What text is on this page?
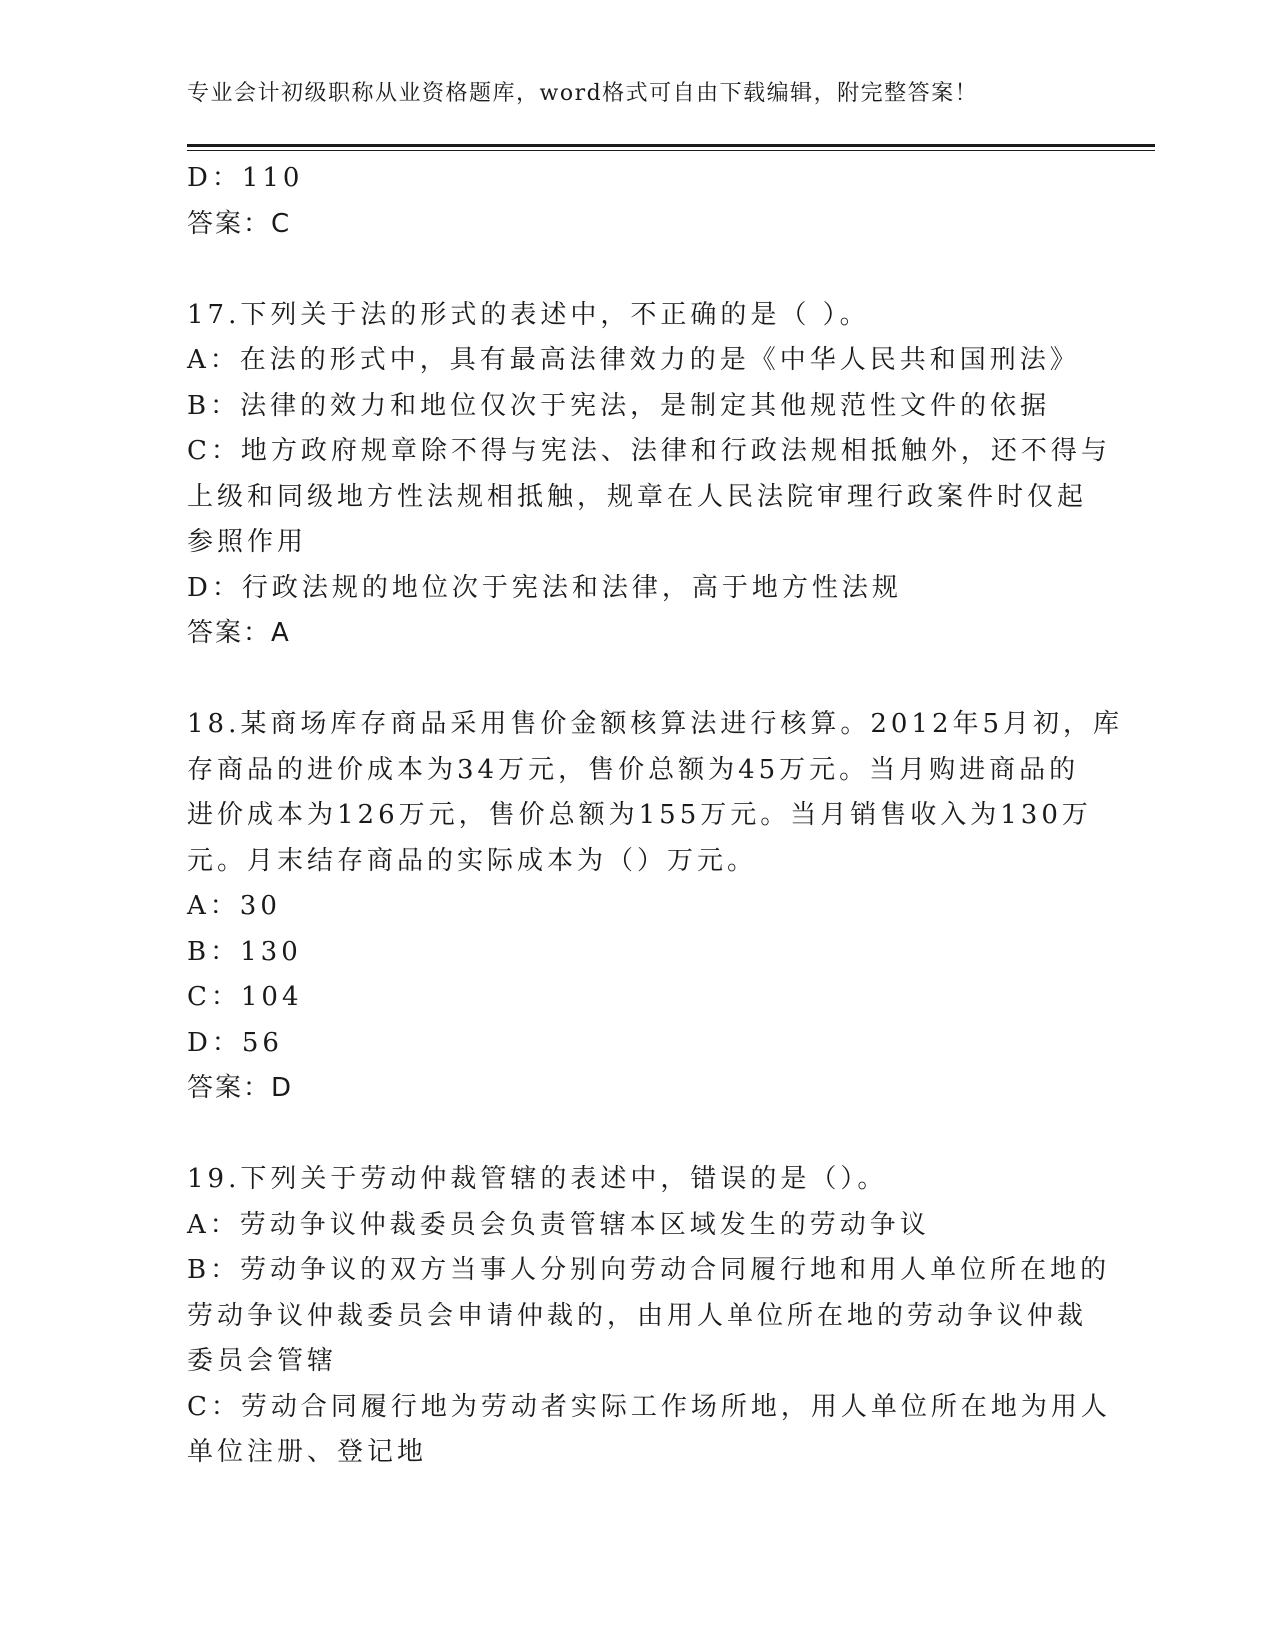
专业会计初级职称从业资格题库，word格式可自由下载编辑，附完整答案！
D：110
答案：C
17.下列关于法的形式的表述中，不正确的是（ ）。
A：在法的形式中，具有最高法律效力的是《中华人民共和国刑法》
B：法律的效力和地位仅次于宪法，是制定其他规范性文件的依据
C：地方政府规章除不得与宪法、法律和行政法规相抵触外，还不得与
上级和同级地方性法规相抵触，规章在人民法院审理行政案件时仅起
参照作用
D：行政法规的地位次于宪法和法律，高于地方性法规
答案：A
18.某商场库存商品采用售价金额核算法进行核算。2012年5月初，库
存商品的进价成本为34万元，售价总额为45万元。当月购进商品的
进价成本为126万元，售价总额为155万元。当月销售收入为130万
元。月末结存商品的实际成本为（）万元。
A：30
B：130
C：104
D：56
答案：D
19.下列关于劳动仲裁管辖的表述中，错误的是（）。
A：劳动争议仲裁委员会负责管辖本区域发生的劳动争议
B：劳动争议的双方当事人分别向劳动合同履行地和用人单位所在地的
劳动争议仲裁委员会申请仲裁的，由用人单位所在地的劳动争议仲裁
委员会管辖
C：劳动合同履行地为劳动者实际工作场所地，用人单位所在地为用人
单位注册、登记地
